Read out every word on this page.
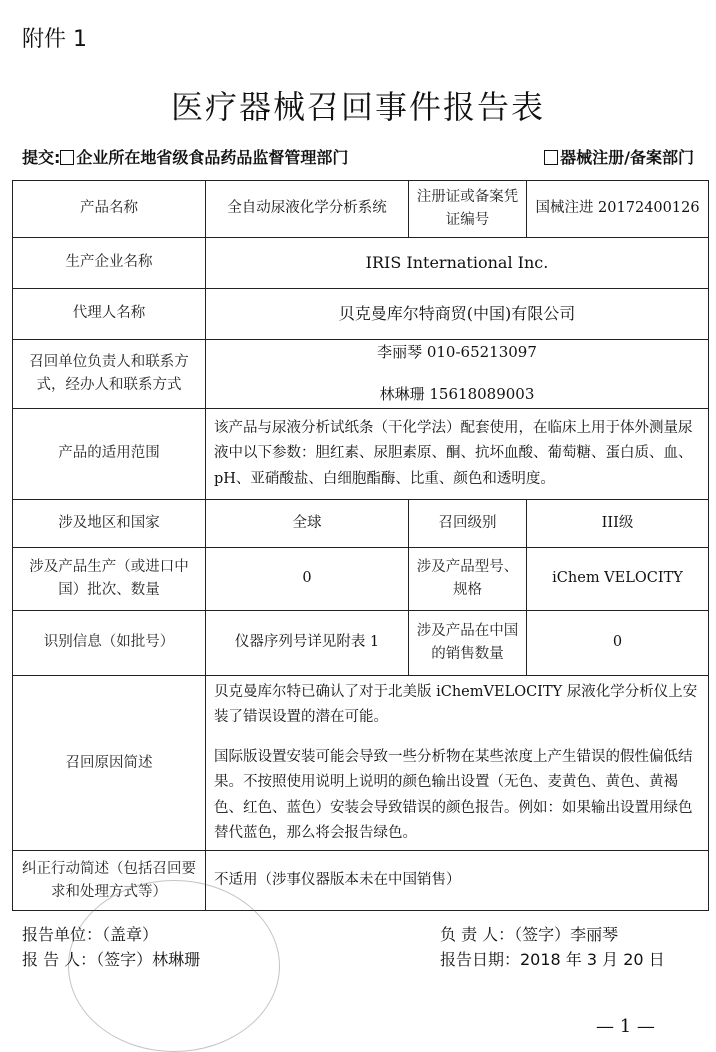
附件 1
医疗器械召回事件报告表
提交: 企业所在地省级食品药品监督管理部门	器械注册/备案部门
产品名称	全自动尿液化学分析系统	注册证或备案凭证编号	国械注进 20172400126
生产企业名称	IRIS International Inc.		
代理人名称	贝克曼库尔特商贸(中国)有限公司		
召回单位负责人和联系方式，经办人和联系方式	李丽琴 010-65213097
林琳珊 15618089003		

产品的适用范围	该产品与尿液分析试纸条（干化学法）配套使用，在临床上用于体外测量尿液中以下参数：胆红素、尿胆素原、酮、抗坏血酸、葡萄糖、蛋白质、血、pH、亚硝酸盐、白细胞酯酶、比重、颜色和透明度。		
涉及地区和国家	全球	召回级别	III级
涉及产品生产（或进口中国）批次、数量	0	涉及产品型号、规格	iChem VELOCITY
识别信息（如批号）	仪器序列号详见附表 1	涉及产品在中国的销售数量	0
召回原因简述	贝克曼库尔特已确认了对于北美版 iChemVELOCITY 尿液化学分析仪上安装了错误设置的潜在可能。
国际版设置安装可能会导致一些分析物在某些浓度上产生错误的假性偏低结果。不按照使用说明上说明的颜色输出设置（无色、麦黄色、黄色、黄褐色、红色、蓝色）安装会导致错误的颜色报告。例如：如果输出设置用绿色替代蓝色，那么将会报告绿色。		

纠正行动简述（包括召回要求和处理方式等）	不适用（涉事仪器版本未在中国销售）		
报告单位：（盖章）
报 告 人：（签字）林琳珊
负 责 人：（签字）李丽琴
报告日期：2018 年 3 月 20 日
— 1 —
